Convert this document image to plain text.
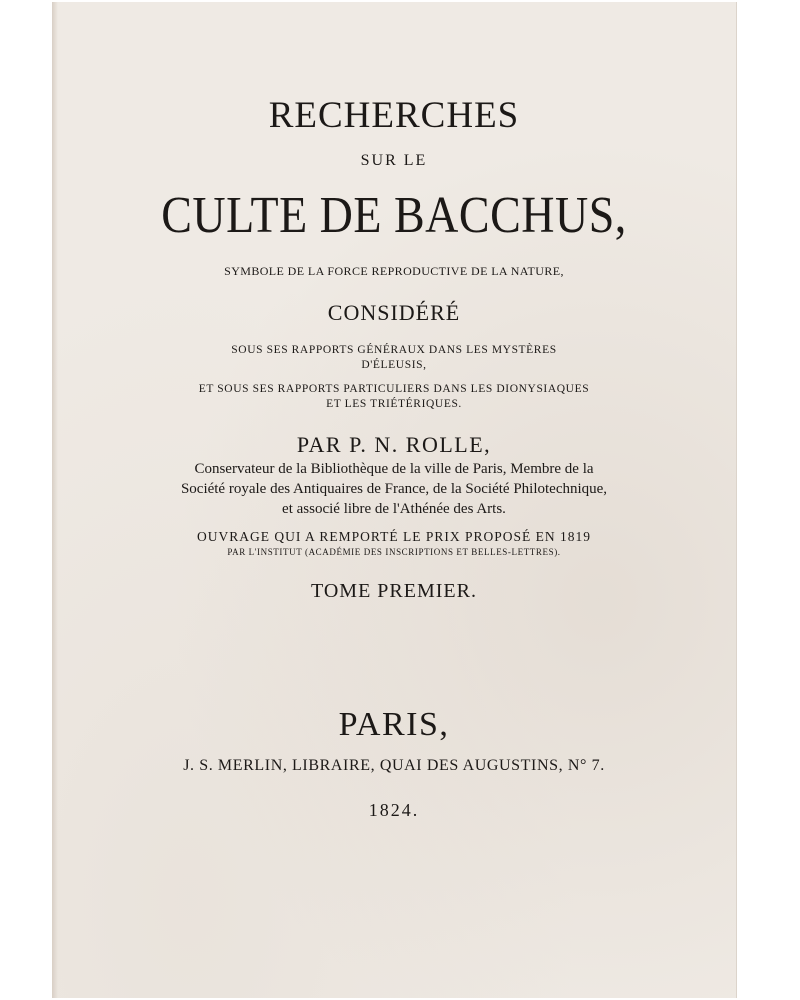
RECHERCHES
SUR LE
CULTE DE BACCHUS,
SYMBOLE DE LA FORCE REPRODUCTIVE DE LA NATURE,
CONSIDÉRÉ
SOUS SES RAPPORTS GÉNÉRAUX DANS LES MYSTÈRES
D'ÉLEUSIS,
ET SOUS SES RAPPORTS PARTICULIERS DANS LES DIONYSIAQUES
ET LES TRIÉTÉRIQUES.
PAR P. N. ROLLE,
Conservateur de la Bibliothèque de la ville de Paris, Membre de la
Société royale des Antiquaires de France, de la Société Philotechnique,
et associé libre de l'Athénée des Arts.
OUVRAGE QUI A REMPORTÉ LE PRIX PROPOSÉ EN 1819
PAR L'INSTITUT (ACADÉMIE DES INSCRIPTIONS ET BELLES-LETTRES).
TOME PREMIER.
PARIS,
J. S. MERLIN, LIBRAIRE, QUAI DES AUGUSTINS, N° 7.
1824.
